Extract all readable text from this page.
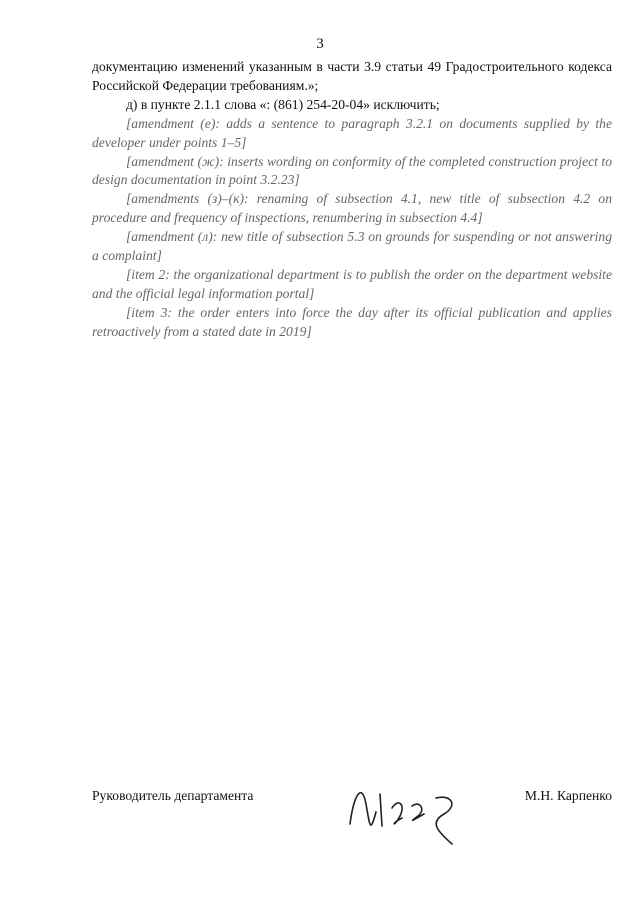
3

документацию изменений указанным в части 3.9 статьи 49 Градостроительного кодекса Российской Федерации требованиям.»;

д) в пункте 2.1.1 слова «: (861) 254-20-04» исключить;

[amendment (е): adds a sentence to paragraph 3.2.1 on documents supplied by the developer under points 1–5]

[amendment (ж): inserts wording on conformity of the completed construction project to design documentation in point 3.2.23]

[amendments (з)–(к): renaming of subsection 4.1, new title of subsection 4.2 on procedure and frequency of inspections, renumbering in subsection 4.4]

[amendment (л): new title of subsection 5.3 on grounds for suspending or not answering a complaint]

[item 2: the organizational department is to publish the order on the department website and the official legal information portal]

[item 3: the order enters into force the day after its official publication and applies retroactively from a stated date in 2019]

Руководитель департамента	М.Н. Карпенко
